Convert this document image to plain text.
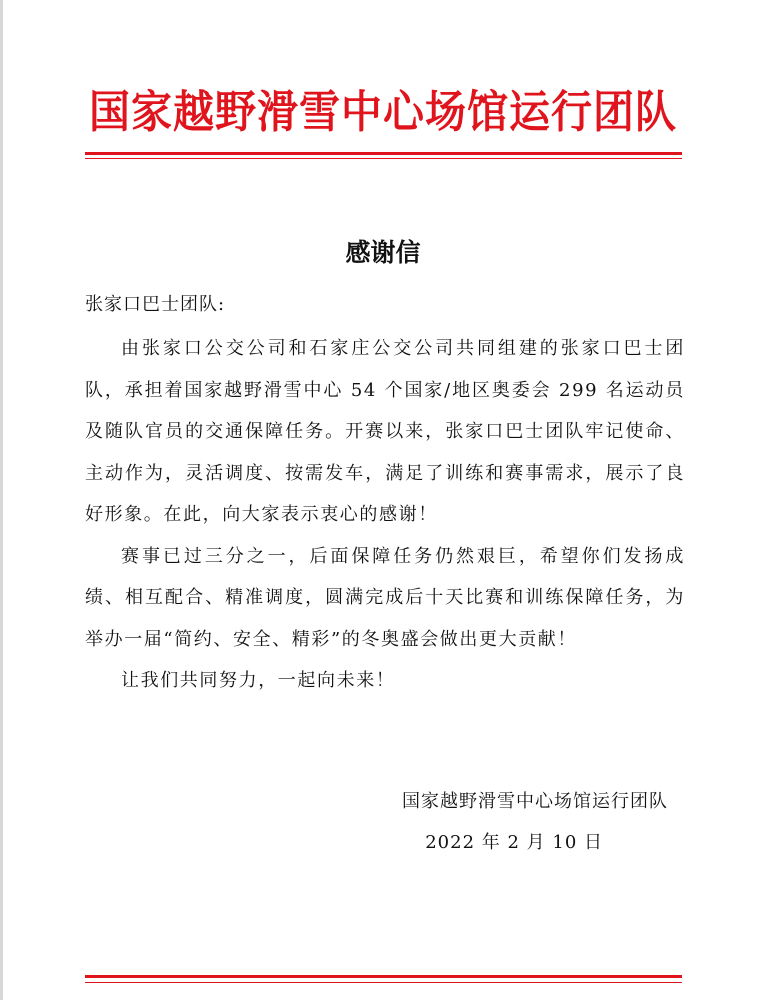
国家越野滑雪中心场馆运行团队
感谢信
张家口巴士团队:

由张家口公交公司和石家庄公交公司共同组建的张家口巴士团队，承担着国家越野滑雪中心 54 个国家/地区奥委会 299 名运动员及随队官员的交通保障任务。开赛以来，张家口巴士团队牢记使命、主动作为，灵活调度、按需发车，满足了训练和赛事需求，展示了良好形象。在此，向大家表示衷心的感谢！

赛事已过三分之一，后面保障任务仍然艰巨，希望你们发扬成绩、相互配合、精准调度，圆满完成后十天比赛和训练保障任务，为举办一届“简约、安全、精彩”的冬奥盛会做出更大贡献！

让我们共同努力，一起向未来！

国家越野滑雪中心场馆运行团队
2022 年 2 月 10 日
